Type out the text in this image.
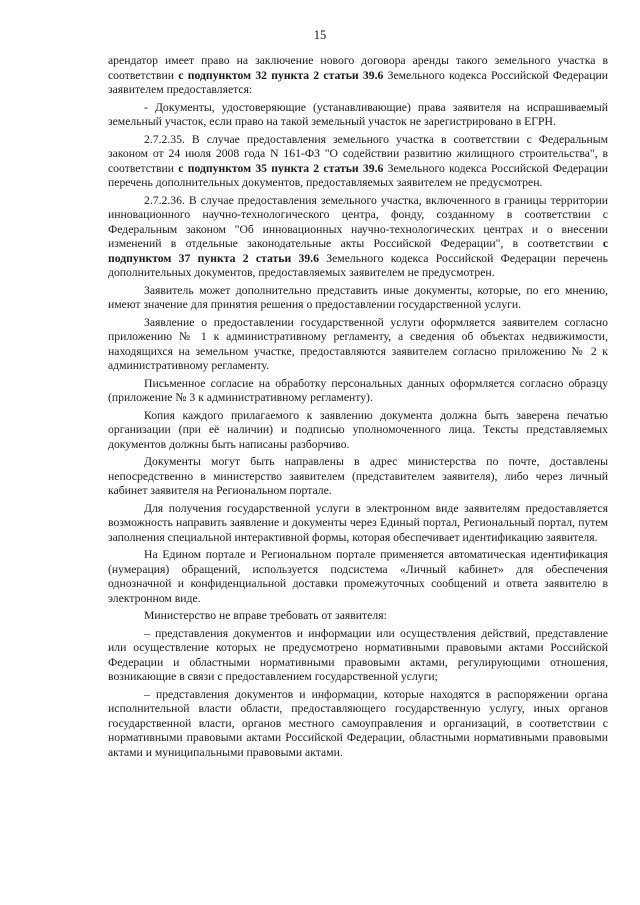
15

арендатор имеет право на заключение нового договора аренды такого земельного участка в соответствии с подпунктом 32 пункта 2 статьи 39.6 Земельного кодекса Российской Федерации заявителем предоставляется:

- Документы, удостоверяющие (устанавливающие) права заявителя на испрашиваемый земельный участок, если право на такой земельный участок не зарегистрировано в ЕГРН.

2.7.2.35. В случае предоставления земельного участка в соответствии с Федеральным законом от 24 июля 2008 года N 161-ФЗ "О содействии развитию жилищного строительства", в соответствии с подпунктом 35 пункта 2 статьи 39.6 Земельного кодекса Российской Федерации перечень дополнительных документов, предоставляемых заявителем не предусмотрен.

2.7.2.36. В случае предоставления земельного участка, включенного в границы территории инновационного научно-технологического центра, фонду, созданному в соответствии с Федеральным законом "Об инновационных научно-технологических центрах и о внесении изменений в отдельные законодательные акты Российской Федерации", в соответствии с подпунктом 37 пункта 2 статьи 39.6 Земельного кодекса Российской Федерации перечень дополнительных документов, предоставляемых заявителем не предусмотрен.

Заявитель может дополнительно представить иные документы, которые, по его мнению, имеют значение для принятия решения о предоставлении государственной услуги.

Заявление о предоставлении государственной услуги оформляется заявителем согласно приложению № 1 к административному регламенту, а сведения об объектах недвижимости, находящихся на земельном участке, предоставляются заявителем согласно приложению № 2 к административному регламенту.

Письменное согласие на обработку персональных данных оформляется согласно образцу (приложение № 3 к административному регламенту).

Копия каждого прилагаемого к заявлению документа должна быть заверена печатью организации (при её наличии) и подписью уполномоченного лица. Тексты представляемых документов должны быть написаны разборчиво.

Документы могут быть направлены в адрес министерства по почте, доставлены непосредственно в министерство заявителем (представителем заявителя), либо через личный кабинет заявителя на Региональном портале.

Для получения государственной услуги в электронном виде заявителям предоставляется возможность направить заявление и документы через Единый портал, Региональный портал, путем заполнения специальной интерактивной формы, которая обеспечивает идентификацию заявителя.

На Едином портале и Региональном портале применяется автоматическая идентификация (нумерация) обращений, используется подсистема «Личный кабинет» для обеспечения однозначной и конфиденциальной доставки промежуточных сообщений и ответа заявителю в электронном виде.

Министерство не вправе требовать от заявителя:

– представления документов и информации или осуществления действий, представление или осуществление которых не предусмотрено нормативными правовыми актами Российской Федерации и областными нормативными правовыми актами, регулирующими отношения, возникающие в связи с предоставлением государственной услуги;

– представления документов и информации, которые находятся в распоряжении органа исполнительной власти области, предоставляющего государственную услугу, иных органов государственной власти, органов местного самоуправления и организаций, в соответствии с нормативными правовыми актами Российской Федерации, областными нормативными правовыми актами и муниципальными правовыми актами.
